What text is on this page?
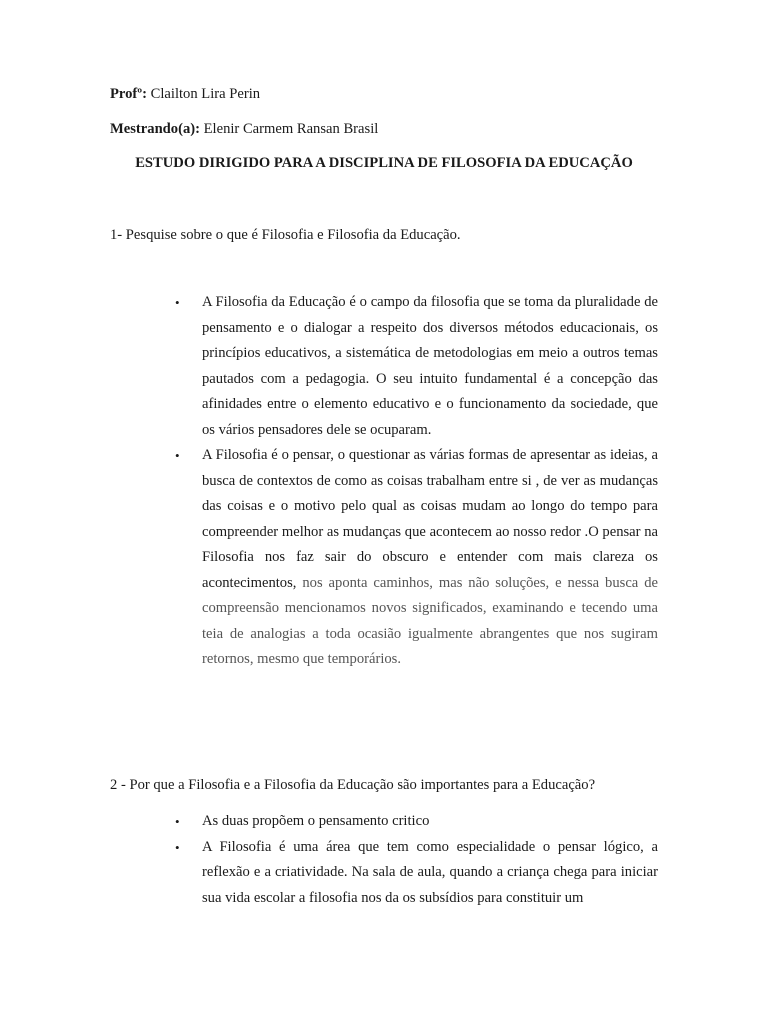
Profº: Clailton Lira Perin
Mestrando(a): Elenir Carmem Ransan Brasil
ESTUDO DIRIGIDO PARA A DISCIPLINA DE FILOSOFIA DA EDUCAÇÃO
1- Pesquise sobre o que é Filosofia e Filosofia da Educação.
• A Filosofia da Educação é o campo da filosofia que se toma da pluralidade de pensamento e o dialogar a respeito dos diversos métodos educacionais, os princípios educativos, a sistemática de metodologias em meio a outros temas pautados com a pedagogia. O seu intuito fundamental é a concepção das afinidades entre o elemento educativo e o funcionamento da sociedade, que os vários pensadores dele se ocuparam.
• A Filosofia é o pensar, o questionar as várias formas de apresentar as ideias, a busca de contextos de como as coisas trabalham entre si , de ver as mudanças das coisas e o motivo pelo qual as coisas mudam ao longo do tempo para compreender melhor as mudanças que acontecem ao nosso redor .O pensar na Filosofia nos faz sair do obscuro e entender com mais clareza os acontecimentos, nos aponta caminhos, mas não soluções, e nessa busca de compreensão mencionamos novos significados, examinando e tecendo uma teia de analogias a toda ocasião igualmente abrangentes que nos sugiram retornos, mesmo que temporários.
2 - Por que a Filosofia e a Filosofia da Educação são importantes para a Educação?
• As duas propõem o pensamento critico
• A Filosofia é uma área que tem como especialidade o pensar lógico, a reflexão e a criatividade. Na sala de aula, quando a criança chega para iniciar sua vida escolar a filosofia nos da os subsídios para constituir um
